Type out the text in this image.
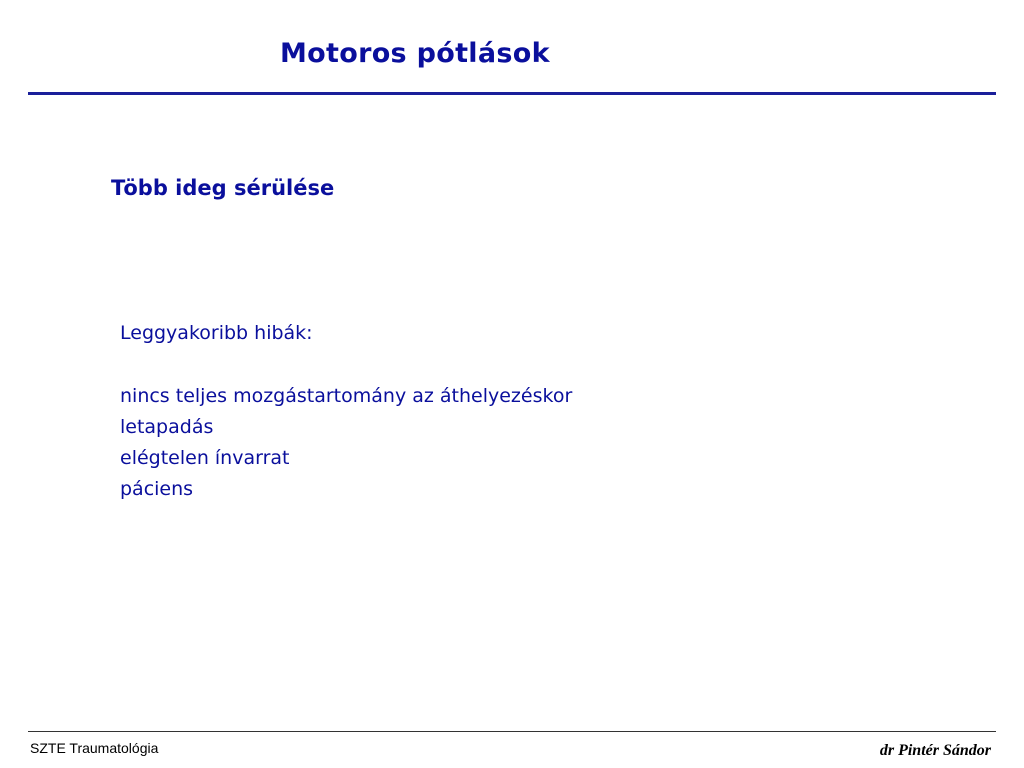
Motoros pótlások
Több ideg sérülése
Leggyakoribb hibák:
nincs teljes mozgástartomány az áthelyezéskor
letapadás
elégtelen ínvarrat
páciens
SZTE Traumatológia	dr Pintér Sándor
